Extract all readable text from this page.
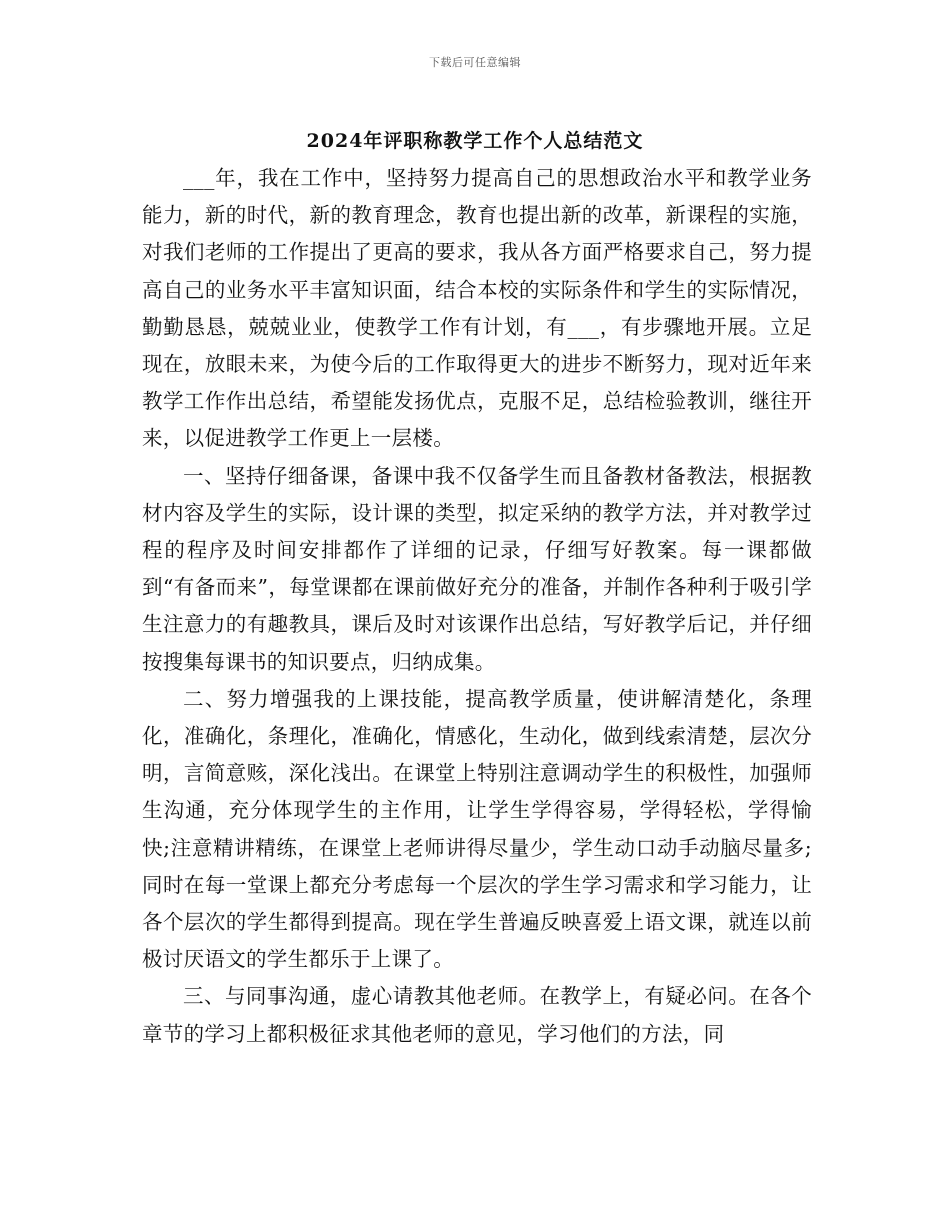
下载后可任意编辑
2024年评职称教学工作个人总结范文

___年，我在工作中，坚持努力提高自己的思想政治水平和教学业务能力，新的时代，新的教育理念，教育也提出新的改革，新课程的实施，对我们老师的工作提出了更高的要求，我从各方面严格要求自己，努力提高自己的业务水平丰富知识面，结合本校的实际条件和学生的实际情况，勤勤恳恳，兢兢业业，使教学工作有计划，有___，有步骤地开展。立足现在，放眼未来，为使今后的工作取得更大的进步不断努力，现对近年来教学工作作出总结，希望能发扬优点，克服不足，总结检验教训，继往开来，以促进教学工作更上一层楼。

一、坚持仔细备课，备课中我不仅备学生而且备教材备教法，根据教材内容及学生的实际，设计课的类型，拟定采纳的教学方法，并对教学过程的程序及时间安排都作了详细的记录，仔细写好教案。每一课都做到“有备而来”，每堂课都在课前做好充分的准备，并制作各种利于吸引学生注意力的有趣教具，课后及时对该课作出总结，写好教学后记，并仔细按搜集每课书的知识要点，归纳成集。

二、努力增强我的上课技能，提高教学质量，使讲解清楚化，条理化，准确化，条理化，准确化，情感化，生动化，做到线索清楚，层次分明，言简意赅，深化浅出。在课堂上特别注意调动学生的积极性，加强师生沟通，充分体现学生的主作用，让学生学得容易，学得轻松，学得愉快;注意精讲精练，在课堂上老师讲得尽量少，学生动口动手动脑尽量多;同时在每一堂课上都充分考虑每一个层次的学生学习需求和学习能力，让各个层次的学生都得到提高。现在学生普遍反映喜爱上语文课，就连以前极讨厌语文的学生都乐于上课了。

三、与同事沟通，虚心请教其他老师。在教学上，有疑必问。在各个章节的学习上都积极征求其他老师的意见，学习他们的方法，同
